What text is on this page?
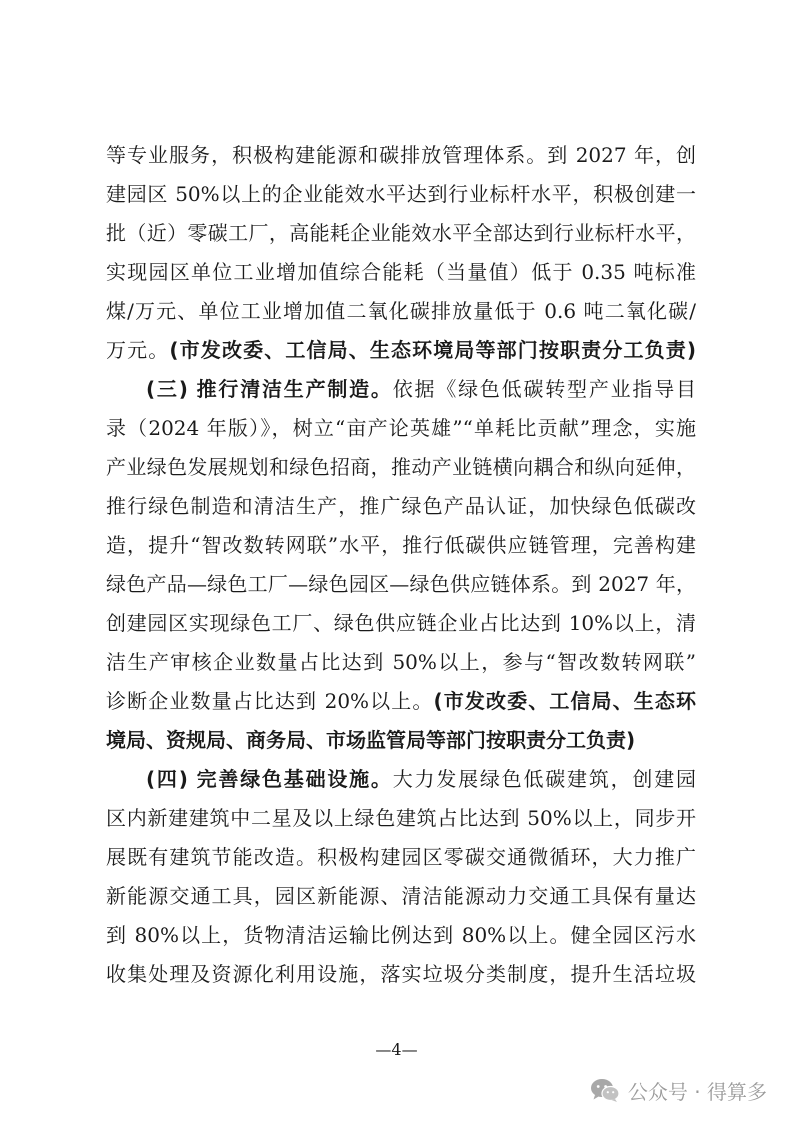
等专业服务，积极构建能源和碳排放管理体系。到 2027 年，创
建园区 50%以上的企业能效水平达到行业标杆水平，积极创建一
批（近）零碳工厂，高能耗企业能效水平全部达到行业标杆水平，
实现园区单位工业增加值综合能耗（当量值）低于 0.35 吨标准
煤/万元、单位工业增加值二氧化碳排放量低于 0.6 吨二氧化碳/
万元。(市发改委、工信局、生态环境局等部门按职责分工负责)
(三) 推行清洁生产制造。依据《绿色低碳转型产业指导目
录（2024 年版）》，树立“亩产论英雄”“单耗比贡献”理念，实施
产业绿色发展规划和绿色招商，推动产业链横向耦合和纵向延伸，
推行绿色制造和清洁生产，推广绿色产品认证，加快绿色低碳改
造，提升“智改数转网联”水平，推行低碳供应链管理，完善构建
绿色产品—绿色工厂—绿色园区—绿色供应链体系。到 2027 年，
创建园区实现绿色工厂、绿色供应链企业占比达到 10%以上，清
洁生产审核企业数量占比达到 50%以上，参与“智改数转网联”
诊断企业数量占比达到 20%以上。(市发改委、工信局、生态环
境局、资规局、商务局、市场监管局等部门按职责分工负责)
(四) 完善绿色基础设施。大力发展绿色低碳建筑，创建园
区内新建建筑中二星及以上绿色建筑占比达到 50%以上，同步开
展既有建筑节能改造。积极构建园区零碳交通微循环，大力推广
新能源交通工具，园区新能源、清洁能源动力交通工具保有量达
到 80%以上，货物清洁运输比例达到 80%以上。健全园区污水
收集处理及资源化利用设施，落实垃圾分类制度，提升生活垃圾
—4—
公众号 · 得算多
